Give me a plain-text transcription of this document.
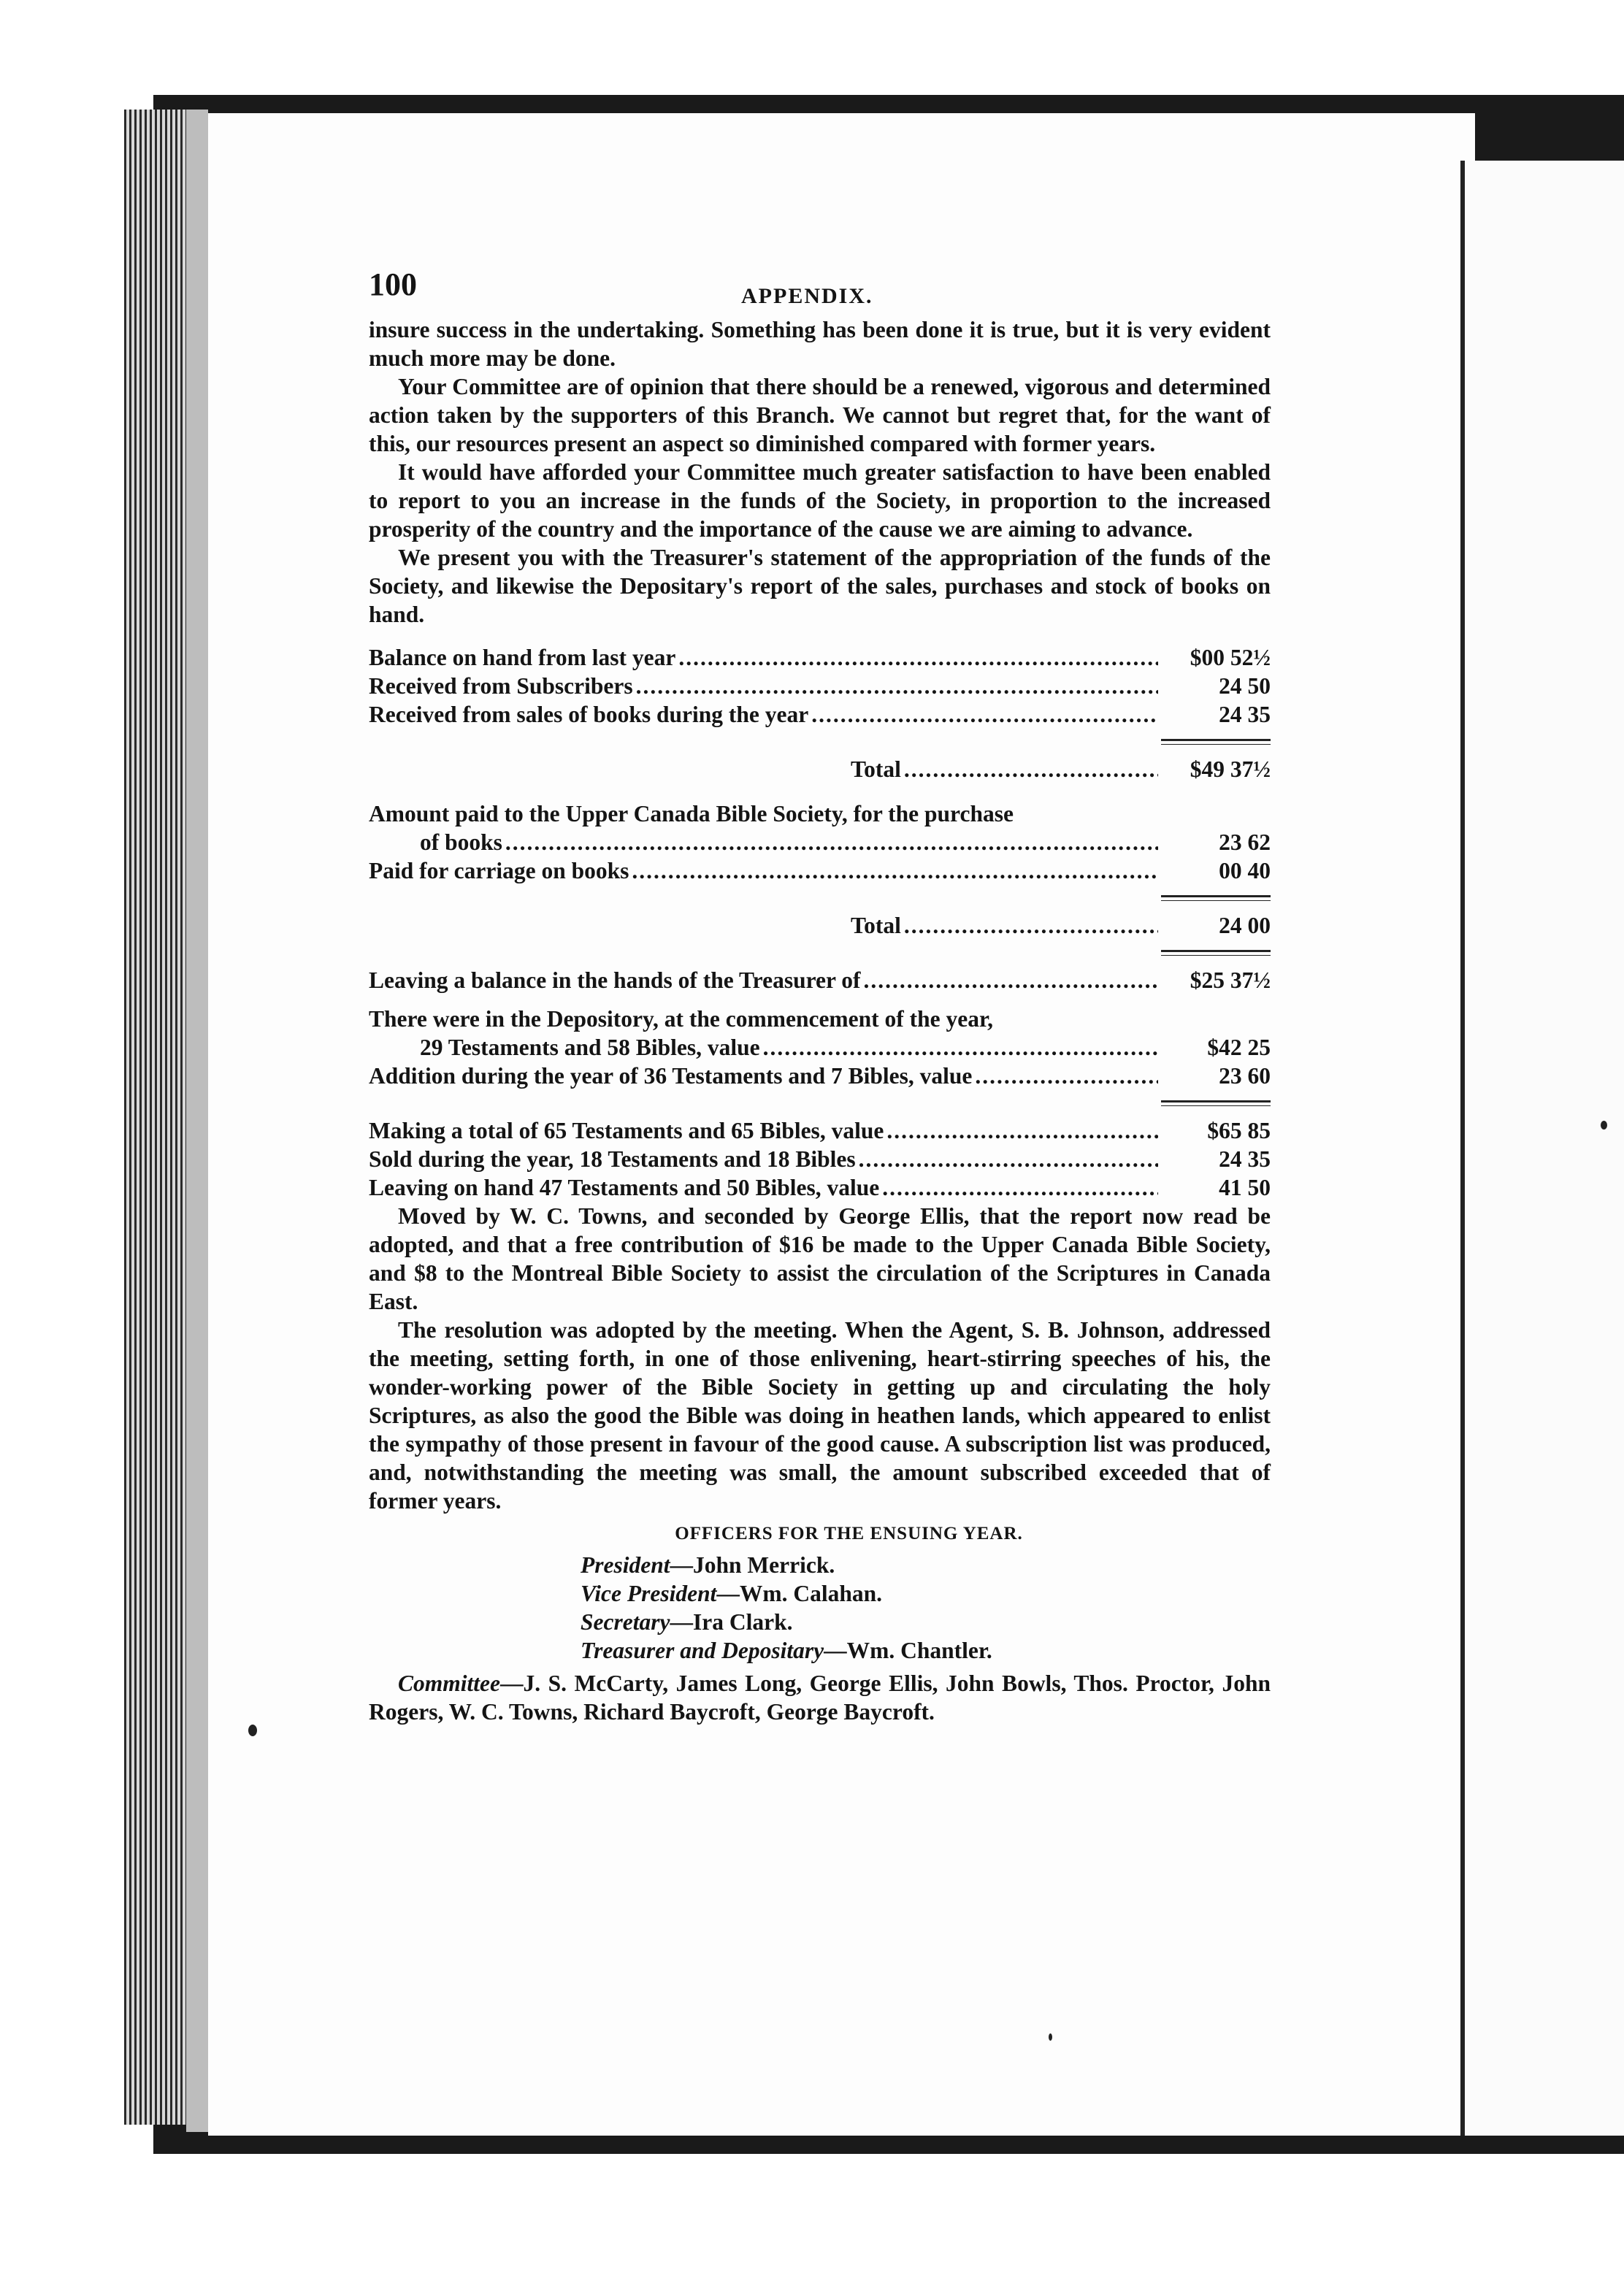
100	APPENDIX.

insure success in the undertaking. Something has been done it is true, but it is very evident much more may be done.

Your Committee are of opinion that there should be a renewed, vigorous and determined action taken by the supporters of this Branch. We cannot but regret that, for the want of this, our resources present an aspect so diminished compared with former years.

It would have afforded your Committee much greater satisfaction to have been enabled to report to you an increase in the funds of the Society, in proportion to the increased prosperity of the country and the importance of the cause we are aiming to advance.

We present you with the Treasurer's statement of the appropriation of the funds of the Society, and likewise the Depositary's report of the sales, purchases and stock of books on hand.

Balance on hand from last year .....	$00 52½
Received from Subscribers .....	24 50
Received from sales of books during the year .....	24 35
Total .....	$49 37½
Amount paid to the Upper Canada Bible Society, for the purchase
of books .....	23 62
Paid for carriage on books .....	00 40
Total .....	24 00
Leaving a balance in the hands of the Treasurer of .....	$25 37½
There were in the Depository, at the commencement of the year,
29 Testaments and 58 Bibles, value .....	$42 25
Addition during the year of 36 Testaments and 7 Bibles, value .....	23 60
Making a total of 65 Testaments and 65 Bibles, value .....	$65 85
Sold during the year, 18 Testaments and 18 Bibles .....	24 35
Leaving on hand 47 Testaments and 50 Bibles, value .....	41 50

Moved by W. C. Towns, and seconded by George Ellis, that the report now read be adopted, and that a free contribution of $16 be made to the Upper Canada Bible Society, and $8 to the Montreal Bible Society to assist the circulation of the Scriptures in Canada East.

The resolution was adopted by the meeting. When the Agent, S. B. Johnson, addressed the meeting, setting forth, in one of those enlivening, heart-stirring speeches of his, the wonder-working power of the Bible Society in getting up and circulating the holy Scriptures, as also the good the Bible was doing in heathen lands, which appeared to enlist the sympathy of those present in favour of the good cause. A subscription list was produced, and, notwithstanding the meeting was small, the amount subscribed exceeded that of former years.

OFFICERS FOR THE ENSUING YEAR.
President—John Merrick.
Vice President—Wm. Calahan.
Secretary—Ira Clark.
Treasurer and Depositary—Wm. Chantler.

Committee—J. S. McCarty, James Long, George Ellis, John Bowls, Thos. Proctor, John Rogers, W. C. Towns, Richard Baycroft, George Baycroft.
